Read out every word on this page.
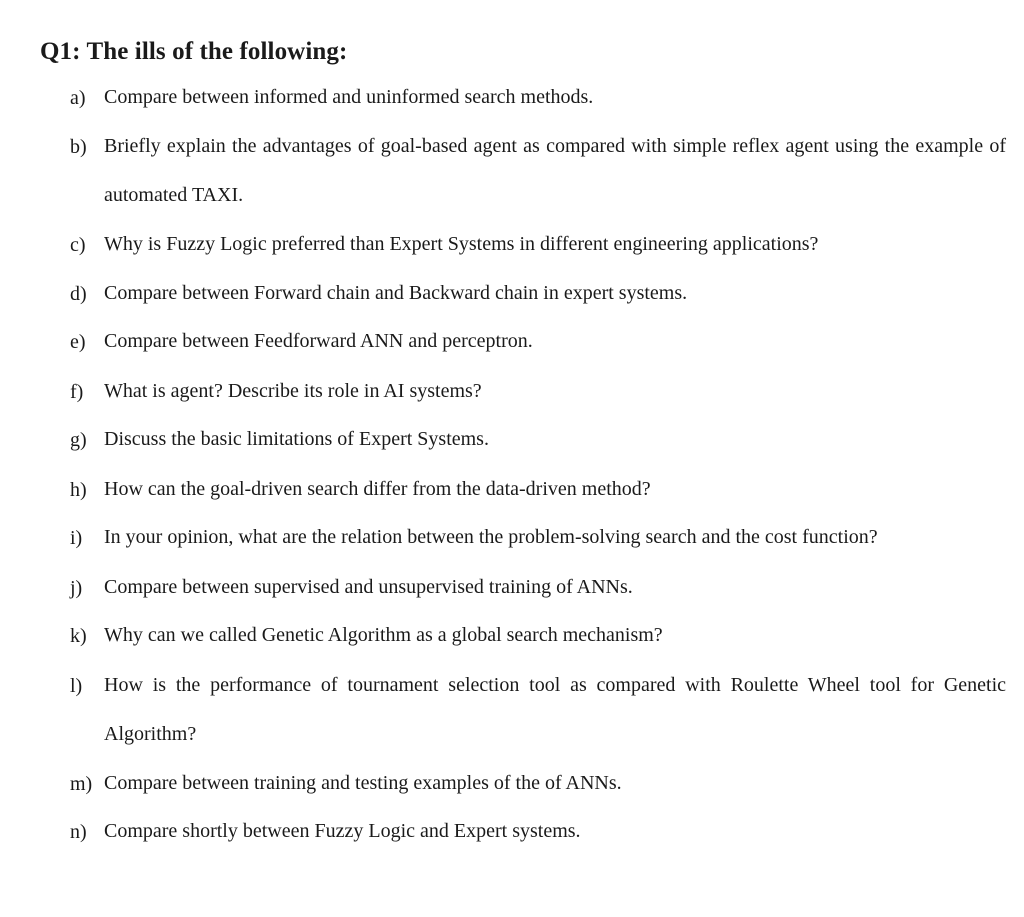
Q1: The ills of the following:
a) Compare between informed and uninformed search methods.
b) Briefly explain the advantages of goal-based agent as compared with simple reflex agent using the example of automated TAXI.
c) Why is Fuzzy Logic preferred than Expert Systems in different engineering applications?
d) Compare between Forward chain and Backward chain in expert systems.
e) Compare between Feedforward ANN and perceptron.
f) What is agent? Describe its role in AI systems?
g) Discuss the basic limitations of Expert Systems.
h) How can the goal-driven search differ from the data-driven method?
i) In your opinion, what are the relation between the problem-solving search and the cost function?
j) Compare between supervised and unsupervised training of ANNs.
k) Why can we called Genetic Algorithm as a global search mechanism?
l) How is the performance of tournament selection tool as compared with Roulette Wheel tool for Genetic Algorithm?
m) Compare between training and testing examples of the of ANNs.
n) Compare shortly between Fuzzy Logic and Expert systems.
